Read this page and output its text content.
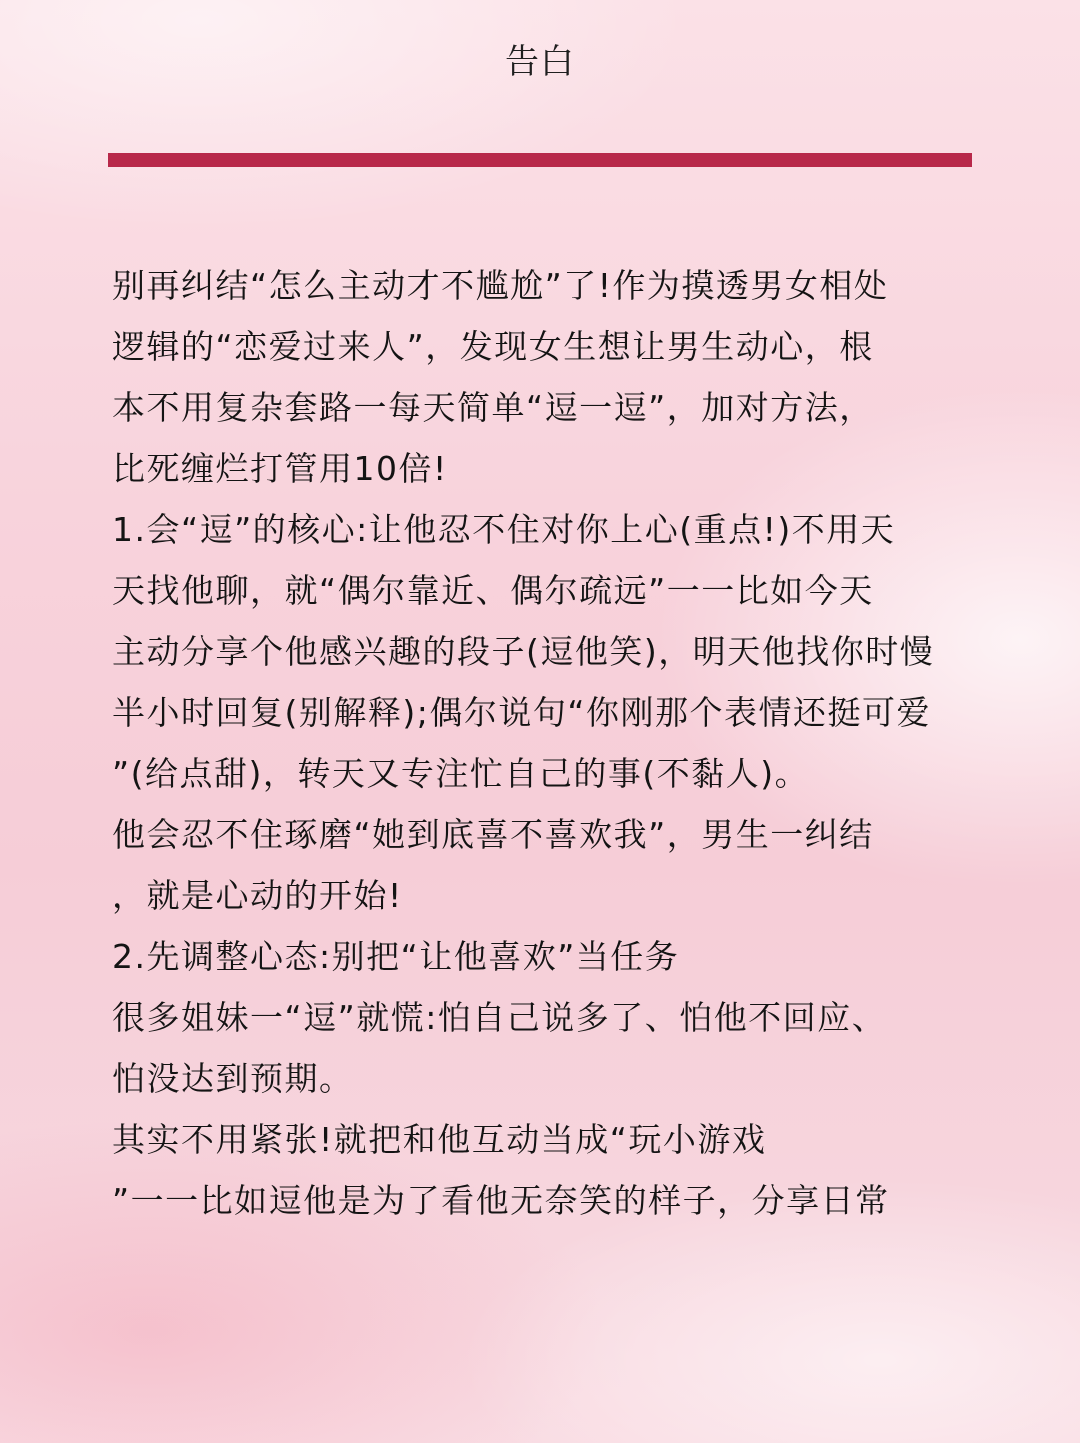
告白
别再纠结“怎么主动才不尴尬”了!作为摸透男女相处
逻辑的“恋爱过来人”，发现女生想让男生动心，根
本不用复杂套路一每天简单“逗一逗”，加对方法，
比死缠烂打管用10倍!
1.会“逗”的核心:让他忍不住对你上心(重点!)不用天
天找他聊，就“偶尔靠近、偶尔疏远”一一比如今天
主动分享个他感兴趣的段子(逗他笑)，明天他找你时慢
半小时回复(别解释);偶尔说句“你刚那个表情还挺可爱
”(给点甜)，转天又专注忙自己的事(不黏人)。
他会忍不住琢磨“她到底喜不喜欢我”，男生一纠结
，就是心动的开始!
2.先调整心态:别把“让他喜欢”当任务
很多姐妹一“逗”就慌:怕自己说多了、怕他不回应、
怕没达到预期。
其实不用紧张!就把和他互动当成“玩小游戏
”一一比如逗他是为了看他无奈笑的样子，分享日常
